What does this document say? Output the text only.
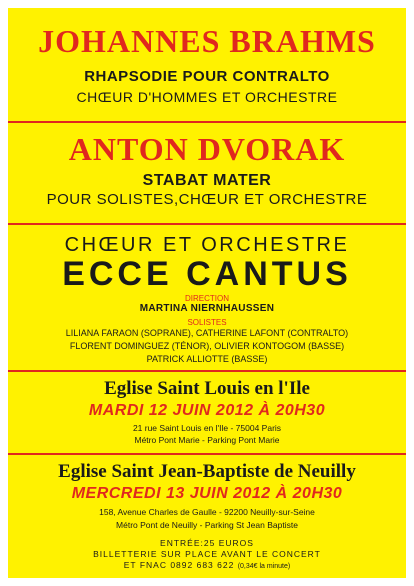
JOHANNES BRAHMS
RHAPSODIE POUR CONTRALTO
CHŒUR D'HOMMES ET ORCHESTRE
ANTON DVORAK
STABAT MATER
POUR SOLISTES,CHŒUR ET ORCHESTRE
CHŒUR ET ORCHESTRE
ECCE CANTUS
DIRECTION
MARTINA NIERNHAUSSEN
SOLISTES
LILIANA FARAON (SOPRANE), CATHERINE LAFONT (CONTRALTO)
FLORENT DOMINGUEZ (TÉNOR), OLIVIER KONTOGOM (BASSE)
PATRICK ALLIOTTE (BASSE)
Eglise Saint Louis en l'Ile
MARDI 12 JUIN 2012 À 20H30
21 rue Saint Louis en l'Ile - 75004 Paris
Métro Pont Marie - Parking Pont Marie
Eglise Saint Jean-Baptiste de Neuilly
MERCREDI 13 JUIN 2012 À 20H30
158, Avenue Charles de Gaulle - 92200 Neuilly-sur-Seine
Métro Pont de Neuilly - Parking St Jean Baptiste
ENTRÉE:25 EUROS
BILLETTERIE SUR PLACE AVANT LE CONCERT
ET FNAC 0892 683 622 (0,34€ la minute)
